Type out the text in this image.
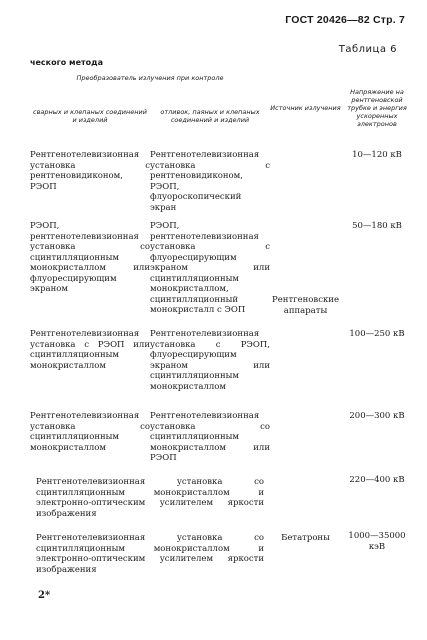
ГОСТ 20426—82 Стр. 7
Таблица 6
ческого метода
Преобразователь излучения при контроле		Источник излучения	Напряжение на рентгеновской трубке и энергия ускоренных электронов
сварных и клепаных соединений и изделий	отливок, паяных и клепаных соединений и изделий		
Рентгенотелевизионная установка с рентгеновидиконом, РЭОП	Рентгенотелевизионная установка с рентгеновидиконом, РЭОП, флуороскопический экран	Рентгеновские аппараты	10—120 кВ
РЭОП, рентгенотелевизионная установка со сцинтилляционным монокристаллом или флуоресцирующим экраном	РЭОП, рентгенотелевизионная установка с флуоресцирующим экраном или сцинтилляционным монокристаллом, сцинтилляционный монокристалл с ЭОП		50—180 кВ
Рентгенотелевизионная установка с РЭОП или сцинтилляционным монокристаллом	Рентгенотелевизионная установка с РЭОП, флуоресцирующим экраном или сцинтилляционным монокристаллом		100—250 кВ
Рентгенотелевизионная установка со сцинтилляционным монокристаллом	Рентгенотелевизионная установка со сцинтилляционным монокристаллом или РЭОП		200—300 кВ
Рентгенотелевизионная установка со сцинтилляционным монокристаллом и электронно-оптическим усилителем яркости изображения			220—400 кВ
Рентгенотелевизионная установка со сцинтилляционным монокристаллом и электронно-оптическим усилителем яркости изображения		Бетатроны	1000—35000 кэВ
2*
